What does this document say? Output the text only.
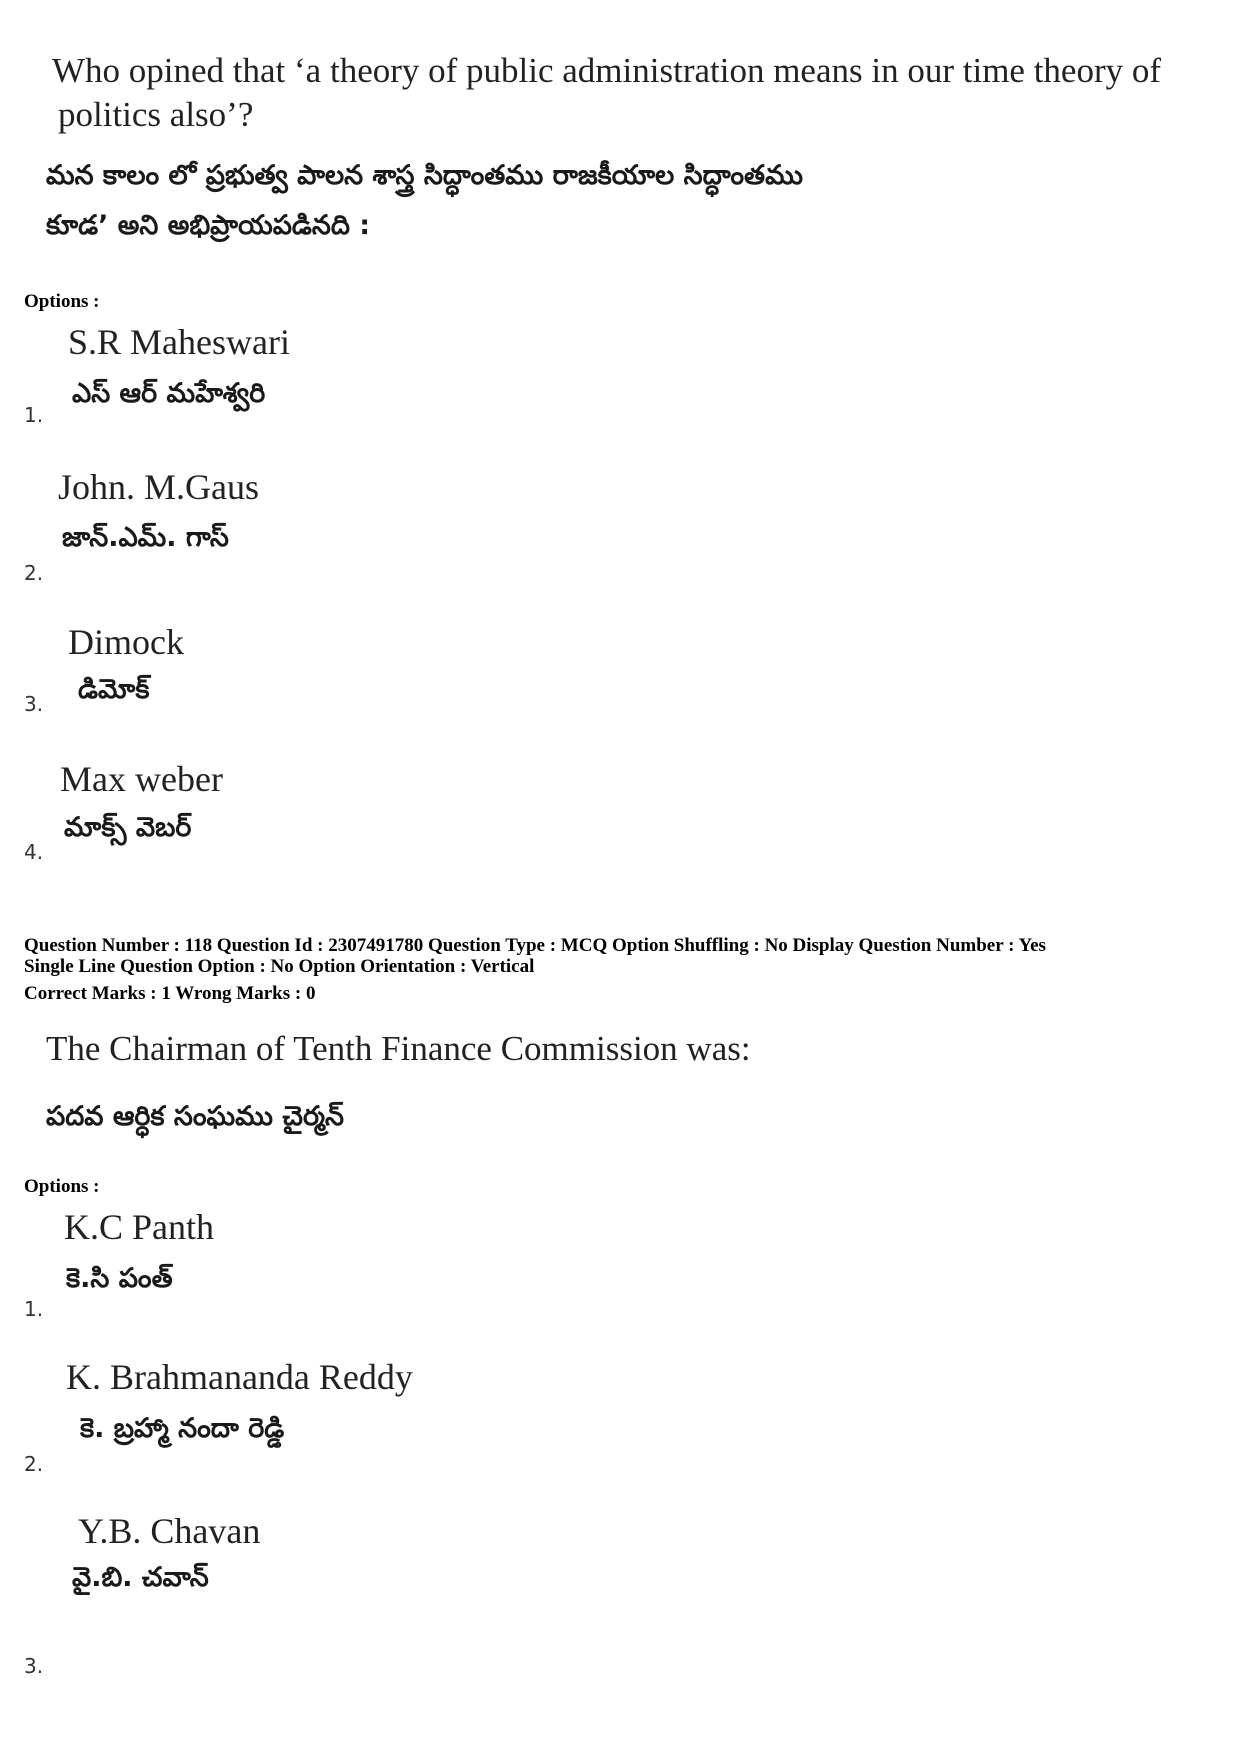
Who opined that ‘a theory of public administration means in our time theory of
politics also’?
మన కాలం లో ప్రభుత్వ పాలన శాస్త్ర సిద్ధాంతము రాజకీయాల సిద్ధాంతము
కూడ’ అని అభిప్రాయపడినది :
Options :
S.R Maheswari
ఎస్ ఆర్ మహేశ్వరి
1.
John. M.Gaus
జాన్.ఎమ్. గాస్
2.
Dimock
డిమోక్
3.
Max weber
మాక్స్ వెబర్
4.
Question Number : 118 Question Id : 2307491780 Question Type : MCQ Option Shuffling : No Display Question Number : Yes
Single Line Question Option : No Option Orientation : Vertical
Correct Marks : 1 Wrong Marks : 0
The Chairman of Tenth Finance Commission was:
పదవ ఆర్ధిక సంఘము చైర్మన్
Options :
K.C Panth
కె.సి పంత్
1.
K. Brahmananda Reddy
కె. బ్రహ్మా నందా రెడ్డి
2.
Y.B. Chavan
వై.బి. చవాన్
3.
